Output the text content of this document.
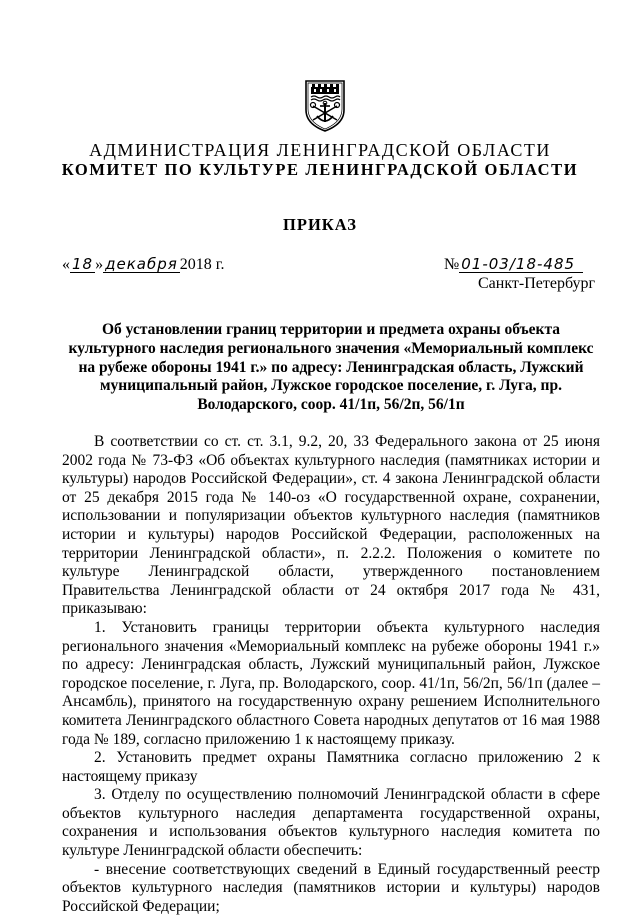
АДМИНИСТРАЦИЯ ЛЕНИНГРАДСКОЙ ОБЛАСТИ
КОМИТЕТ ПО КУЛЬТУРЕ ЛЕНИНГРАДСКОЙ ОБЛАСТИ
ПРИКАЗ
« 18 » декабря 2018 г.	№ 01-03/18-485
Санкт-Петербург
Об установлении границ территории и предмета охраны объекта культурного наследия регионального значения «Мемориальный комплекс на рубеже обороны 1941 г.» по адресу: Ленинградская область, Лужский муниципальный район, Лужское городское поселение, г. Луга, пр. Володарского, соор. 41/1п, 56/2п, 56/1п

В соответствии со ст. ст. 3.1, 9.2, 20, 33 Федерального закона от 25 июня 2002 года № 73-ФЗ «Об объектах культурного наследия (памятниках истории и культуры) народов Российской Федерации», ст. 4 закона Ленинградской области от 25 декабря 2015 года № 140-оз «О государственной охране, сохранении, использовании и популяризации объектов культурного наследия (памятников истории и культуры) народов Российской Федерации, расположенных на территории Ленинградской области», п. 2.2.2. Положения о комитете по культуре Ленинградской области, утвержденного постановлением Правительства Ленинградской области от 24 октября 2017 года № 431, приказываю:

1. Установить границы территории объекта культурного наследия регионального значения «Мемориальный комплекс на рубеже обороны 1941 г.» по адресу: Ленинградская область, Лужский муниципальный район, Лужское городское поселение, г. Луга, пр. Володарского, соор. 41/1п, 56/2п, 56/1п (далее – Ансамбль), принятого на государственную охрану решением Исполнительного комитета Ленинградского областного Совета народных депутатов от 16 мая 1988 года № 189, согласно приложению 1 к настоящему приказу.

2. Установить предмет охраны Памятника согласно приложению 2 к настоящему приказу

3. Отделу по осуществлению полномочий Ленинградской области в сфере объектов культурного наследия департамента государственной охраны, сохранения и использования объектов культурного наследия комитета по культуре Ленинградской области обеспечить:

- внесение соответствующих сведений в Единый государственный реестр объектов культурного наследия (памятников истории и культуры) народов Российской Федерации;
